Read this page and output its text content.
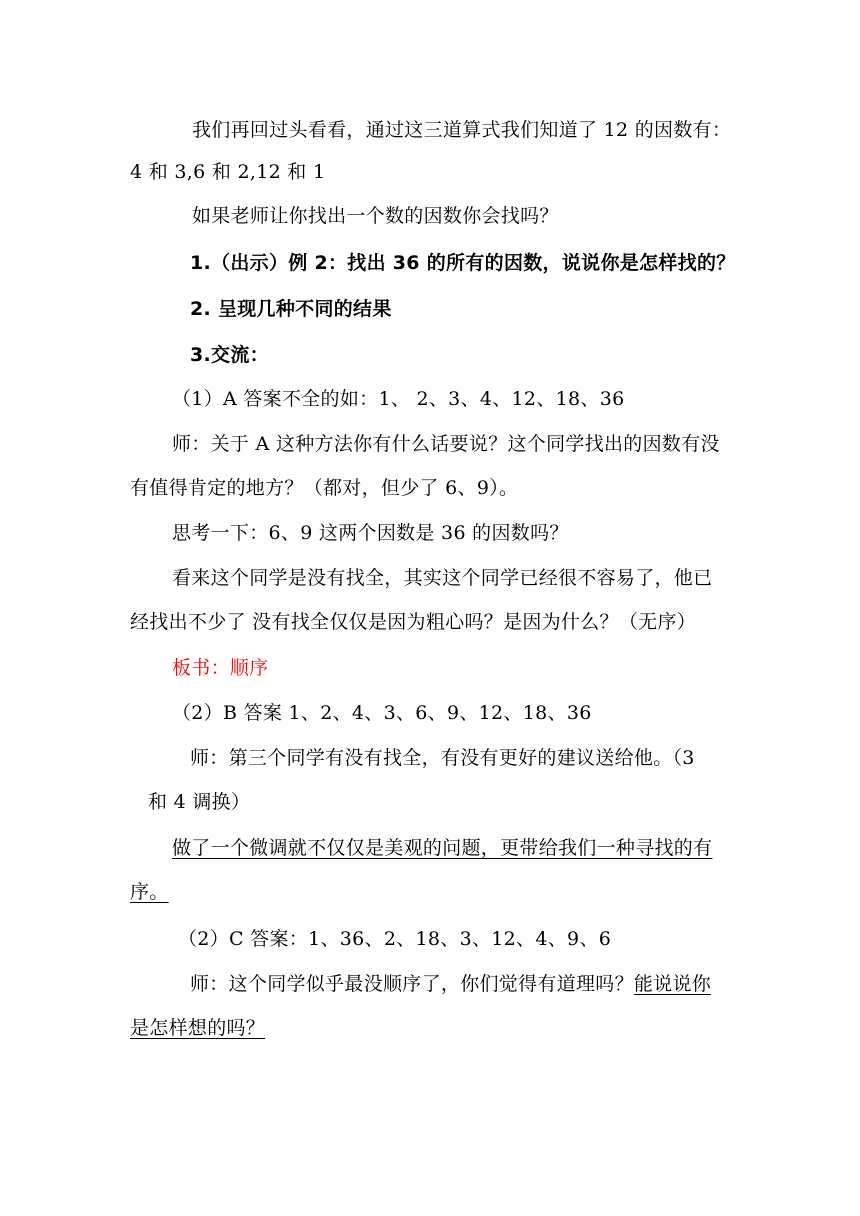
我们再回过头看看，通过这三道算式我们知道了 12 的因数有：
4 和 3,6 和 2,12 和 1
如果老师让你找出一个数的因数你会找吗？
1.（出示）例 2：找出 36 的所有的因数，说说你是怎样找的？
2. 呈现几种不同的结果
3.交流：
（1）A 答案不全的如：1、 2、3、4、12、18、36
师：关于 A 这种方法你有什么话要说？这个同学找出的因数有没
有值得肯定的地方？（都对，但少了 6、9）。
思考一下：6、9 这两个因数是 36 的因数吗？
看来这个同学是没有找全，其实这个同学已经很不容易了，他已
经找出不少了 没有找全仅仅是因为粗心吗？是因为什么？（无序）
板书：顺序
（2）B 答案 1、2、4、3、6、9、12、18、36
师：第三个同学有没有找全，有没有更好的建议送给他。（3
和 4 调换）
做了一个微调就不仅仅是美观的问题，更带给我们一种寻找的有
序。
（2）C 答案：1、36、2、18、3、12、4、9、6
师：这个同学似乎最没顺序了，你们觉得有道理吗？能说说你
是怎样想的吗？
